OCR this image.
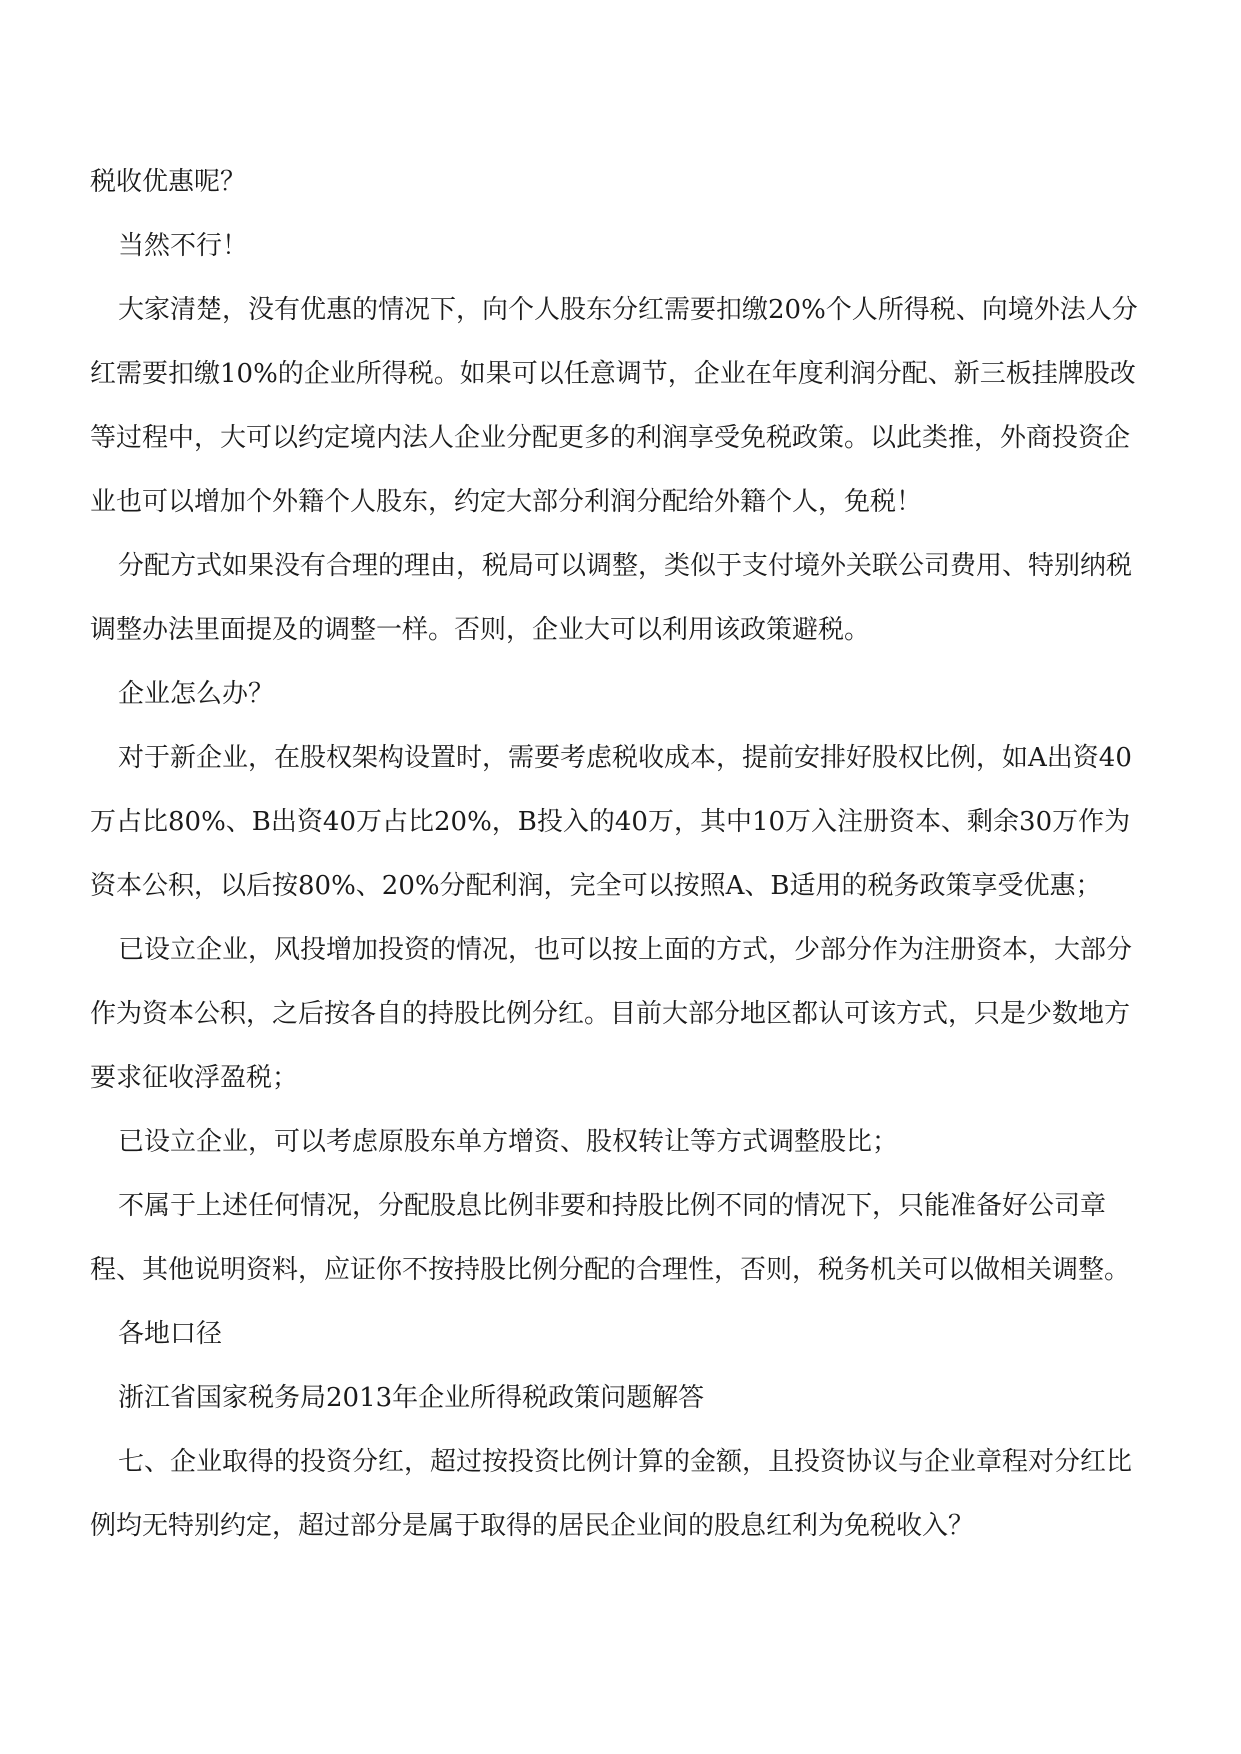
税收优惠呢？

当然不行！

大家清楚，没有优惠的情况下，向个人股东分红需要扣缴20%个人所得税、向境外法人分红需要扣缴10%的企业所得税。如果可以任意调节，企业在年度利润分配、新三板挂牌股改等过程中，大可以约定境内法人企业分配更多的利润享受免税政策。以此类推，外商投资企业也可以增加个外籍个人股东，约定大部分利润分配给外籍个人，免税！

分配方式如果没有合理的理由，税局可以调整，类似于支付境外关联公司费用、特别纳税调整办法里面提及的调整一样。否则，企业大可以利用该政策避税。

企业怎么办？

对于新企业，在股权架构设置时，需要考虑税收成本，提前安排好股权比例，如A出资40万占比80%、B出资40万占比20%，B投入的40万，其中10万入注册资本、剩余30万作为资本公积，以后按80%、20%分配利润，完全可以按照A、B适用的税务政策享受优惠；

已设立企业，风投增加投资的情况，也可以按上面的方式，少部分作为注册资本，大部分作为资本公积，之后按各自的持股比例分红。目前大部分地区都认可该方式，只是少数地方要求征收浮盈税；

已设立企业，可以考虑原股东单方增资、股权转让等方式调整股比；

不属于上述任何情况，分配股息比例非要和持股比例不同的情况下，只能准备好公司章程、其他说明资料，应证你不按持股比例分配的合理性，否则，税务机关可以做相关调整。

各地口径

浙江省国家税务局2013年企业所得税政策问题解答

七、企业取得的投资分红，超过按投资比例计算的金额，且投资协议与企业章程对分红比例均无特别约定，超过部分是属于取得的居民企业间的股息红利为免税收入？
